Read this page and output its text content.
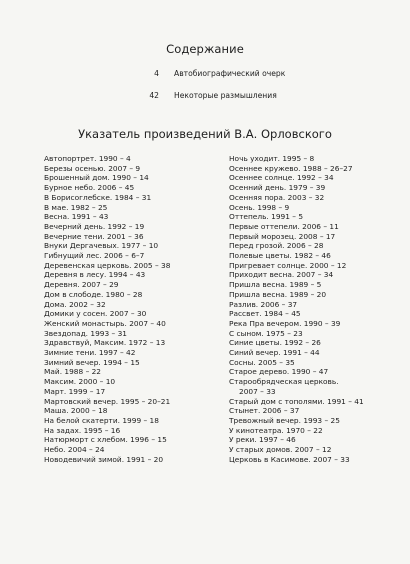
Содержание
4 Автобиографический очерк
42 Некоторые размышления
Указатель произведений В.А. Орловского
Автопортрет. 1990 – 4
Березы осенью. 2007 – 9
Брошенный дом. 1990 – 14
Бурное небо. 2006 – 45
В Борисоглебске. 1984 – 31
В мае. 1982 – 25
Весна. 1991 – 43
Вечерний день. 1992 – 19
Вечерние тени. 2001 – 36
Внуки Дергачевых. 1977 – 10
Гибнущий лес. 2006 – 6–7
Деревенская церковь. 2005 – 38
Деревня в лесу. 1994 – 43
Деревня. 2007 – 29
Дом в слободе. 1980 – 28
Дома. 2002 – 32
Домики у сосен. 2007 – 30
Женский монастырь. 2007 – 40
Звездопад. 1993 – 31
Здравствуй, Максим. 1972 – 13
Зимние тени. 1997 – 42
Зимний вечер. 1994 – 15
Май. 1988 – 22
Максим. 2000 – 10
Март. 1999 – 17
Мартовский вечер. 1995 – 20–21
Маша. 2000 – 18
На белой скатерти. 1999 – 18
На задах. 1995 – 16
Натюрморт с хлебом. 1996 – 15
Небо. 2004 – 24
Новодевичий зимой. 1991 – 20
Ночь уходит. 1995 – 8
Осеннее кружево. 1988 – 26–27
Осеннее солнце. 1992 – 34
Осенний день. 1979 – 39
Осенняя пора. 2003 – 32
Осень. 1998 – 9
Оттепель. 1991 – 5
Первые оттепели. 2006 – 11
Первый морозец. 2008 – 17
Перед грозой. 2006 – 28
Полевые цветы. 1982 – 46
Пригревает солнце. 2000 – 12
Приходит весна. 2007 – 34
Пришла весна. 1989 – 5
Пришла весна. 1989 – 20
Разлив. 2006 – 37
Рассвет. 1984 – 45
Река Пра вечером. 1990 – 39
С сыном. 1975 – 23
Синие цветы. 1992 – 26
Синий вечер. 1991 – 44
Сосны. 2005 – 35
Старое дерево. 1990 – 47
Старообрядческая церковь.
2007 – 33
Старый дом с тополями. 1991 – 41
Стынет. 2006 – 37
Тревожный вечер. 1993 – 25
У кинотеатра. 1970 – 22
У реки. 1997 – 46
У старых домов. 2007 – 12
Церковь в Касимове. 2007 – 33
